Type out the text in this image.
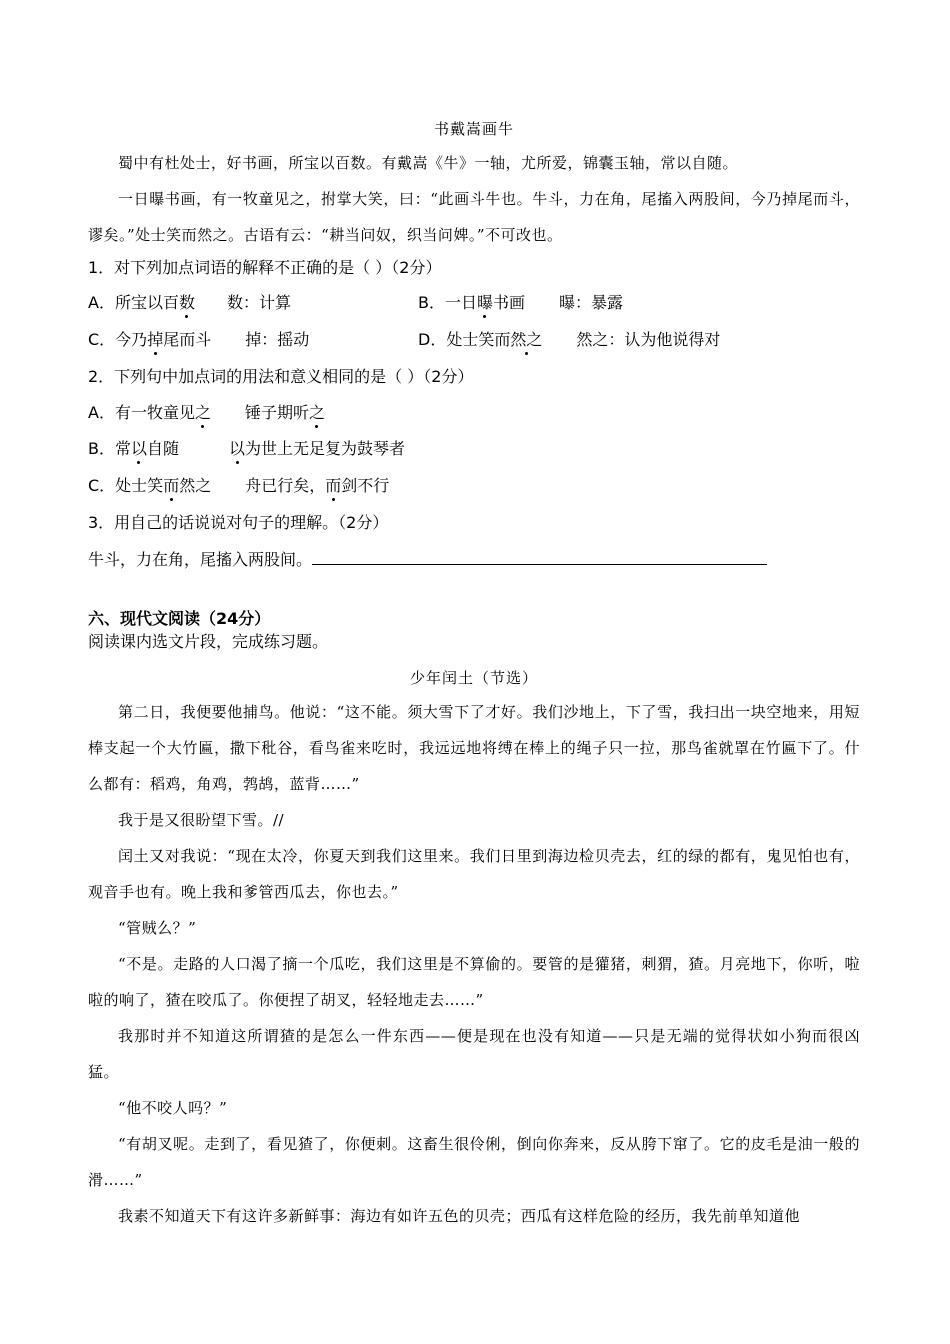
书戴嵩画牛
蜀中有杜处士，好书画，所宝以百数。有戴嵩《牛》一轴，尤所爱，锦囊玉轴，常以自随。
一日曝书画，有一牧童见之，拊掌大笑，曰：“此画斗牛也。牛斗，力在角，尾搐入两股间，今乃掉尾而斗，谬矣。”处士笑而然之。古语有云：“耕当问奴，织当问婢。”不可改也。
1．对下列加点词语的解释不正确的是（ ）（2分）
A．所宝以百数 数：计算	B．一日曝书画 曝：暴露
C．今乃掉尾而斗 掉：摇动	D．处士笑而然之 然之：认为他说得对
2．下列句中加点词的用法和意义相同的是（ ）（2分）
A．有一牧童见之 锤子期听之
B．常以自随	以为世上无足复为鼓琴者
C．处士笑而然之 舟已行矣，而剑不行
3．用自己的话说说对句子的理解。（2分）
牛斗，力在角，尾搐入两股间。
六、现代文阅读（24分）
阅读课内选文片段，完成练习题。
少年闰土（节选）
第二日，我便要他捕鸟。他说：“这不能。须大雪下了才好。我们沙地上，下了雪，我扫出一块空地来，用短棒支起一个大竹匾，撒下秕谷，看鸟雀来吃时，我远远地将缚在棒上的绳子只一拉，那鸟雀就罩在竹匾下了。什么都有：稻鸡，角鸡，鹁鸪，蓝背……”
我于是又很盼望下雪。//
闰土又对我说：“现在太冷，你夏天到我们这里来。我们日里到海边检贝壳去，红的绿的都有，鬼见怕也有，观音手也有。晚上我和爹管西瓜去，你也去。”
“管贼么？”
“不是。走路的人口渴了摘一个瓜吃，我们这里是不算偷的。要管的是獾猪，刺猬，猹。月亮地下，你听，啦啦的响了，猹在咬瓜了。你便捏了胡叉，轻轻地走去……”
我那时并不知道这所谓猹的是怎么一件东西——便是现在也没有知道——只是无端的觉得状如小狗而很凶猛。
“他不咬人吗？”
“有胡叉呢。走到了，看见猹了，你便刺。这畜生很伶俐，倒向你奔来，反从胯下窜了。它的皮毛是油一般的滑……”
我素不知道天下有这许多新鲜事：海边有如许五色的贝壳；西瓜有这样危险的经历，我先前单知道他
